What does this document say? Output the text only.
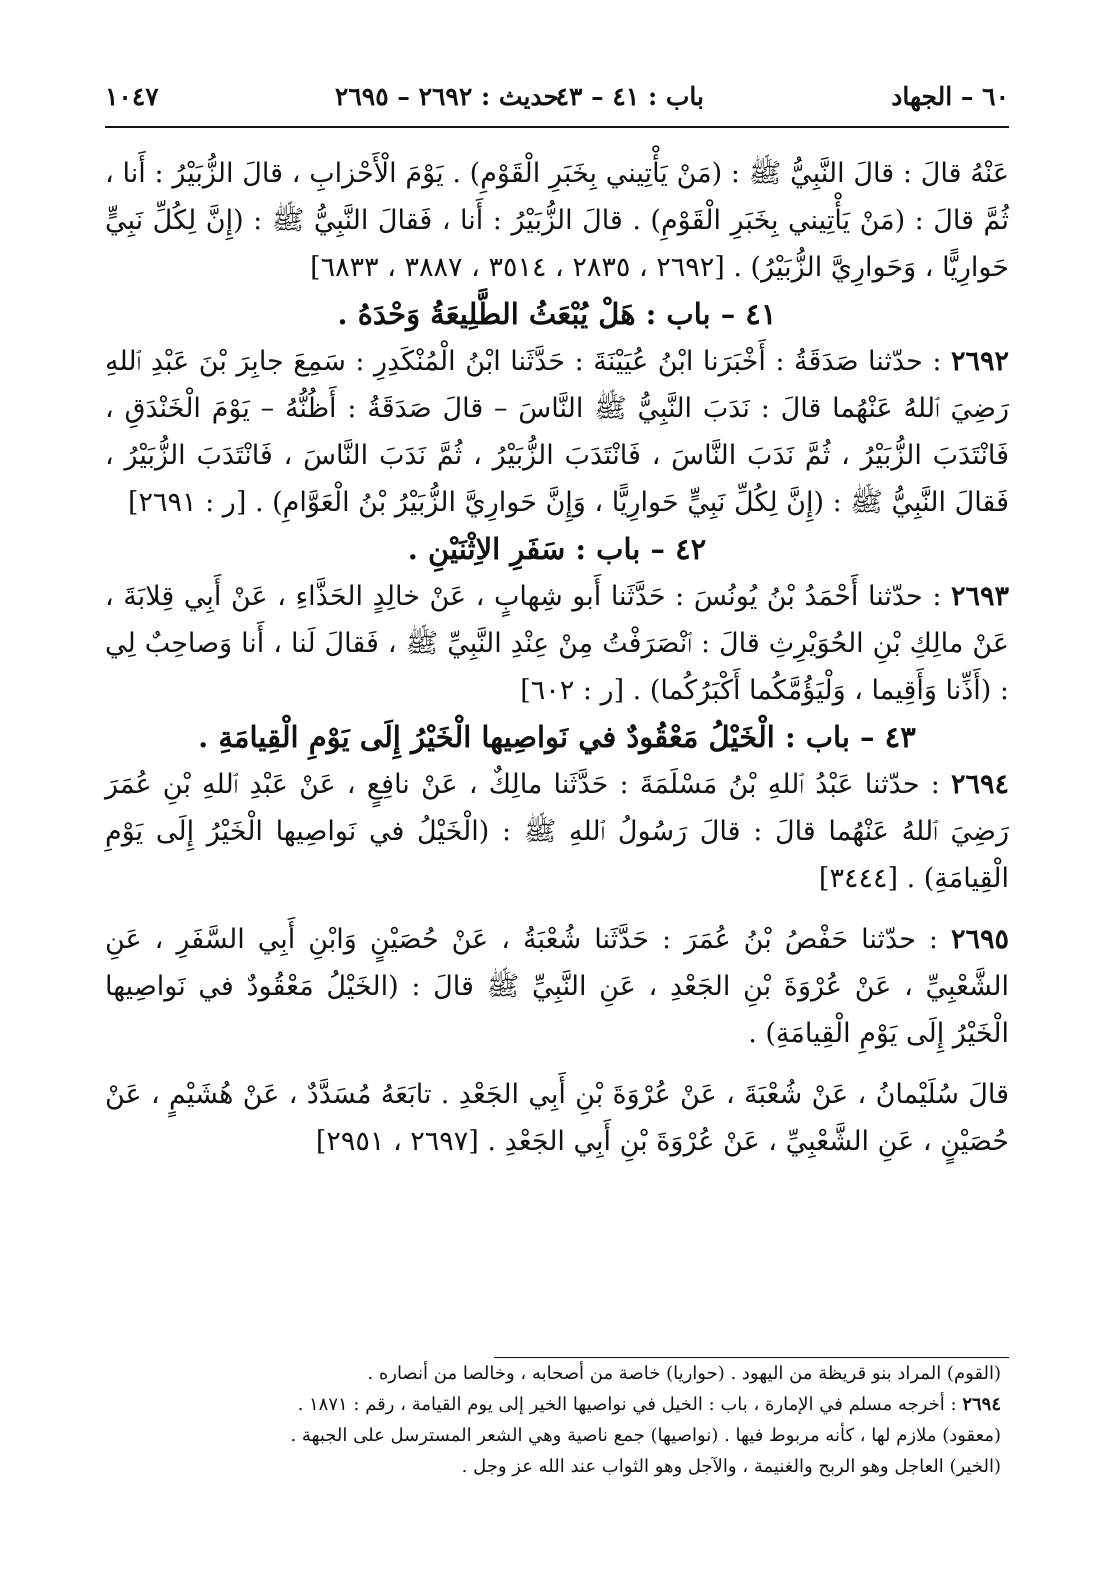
٦٠ – الجهاد
باب : ٤١ – ٤٣
حديث : ٢٦٩٢ – ٢٦٩٥
١٠٤٧

عَنْهُ قالَ : قالَ النَّبِيُّ ﷺ : (مَنْ يَأْتِيني بِخَبَرِ الْقَوْمِ) . يَوْمَ الْأَحْزابِ ، قالَ الزُّبَيْرُ : أَنا ، ثُمَّ قالَ : (مَنْ يَأْتِيني بِخَبَرِ الْقَوْمِ) . قالَ الزُّبَيْرُ : أَنا ، فَقالَ النَّبِيُّ ﷺ : (إِنَّ لِكُلِّ نَبِيٍّ حَوارِيًّا ، وَحَوارِيَّ الزُّبَيْرُ) . [٢٦٩٢ ، ٢٨٣٥ ، ٣٥١٤ ، ٣٨٨٧ ، ٦٨٣٣]

٤١ – باب : هَلْ يُبْعَثُ الطَّلِيعَةُ وَحْدَهُ .

٢٦٩٢ : حدّثنا صَدَقَةُ : أَخْبَرَنا ابْنُ عُيَيْنَةَ : حَدَّثَنا ابْنُ الْمُنْكَدِرِ : سَمِعَ جابِرَ بْنَ عَبْدِ ٱللهِ رَضِيَ ٱللهُ عَنْهُما قالَ : نَدَبَ النَّبِيُّ ﷺ النَّاسَ – قالَ صَدَقَةُ : أَظُنُّهُ – يَوْمَ الْخَنْدَقِ ، فَانْتَدَبَ الزُّبَيْرُ ، ثُمَّ نَدَبَ النَّاسَ ، فَانْتَدَبَ الزُّبَيْرُ ، ثُمَّ نَدَبَ النَّاسَ ، فَانْتَدَبَ الزُّبَيْرُ ، فَقالَ النَّبِيُّ ﷺ : (إِنَّ لِكُلِّ نَبِيٍّ حَوارِيًّا ، وَإِنَّ حَوارِيَّ الزُّبَيْرُ بْنُ الْعَوَّامِ) . [ر : ٢٦٩١]

٤٢ – باب : سَفَرِ الاِثْنَيْنِ .

٢٦٩٣ : حدّثنا أَحْمَدُ بْنُ يُونُسَ : حَدَّثَنا أَبو شِهابٍ ، عَنْ خالِدٍ الحَذَّاءِ ، عَنْ أَبِي قِلابَةَ ، عَنْ مالِكِ بْنِ الحُوَيْرِثِ قالَ : ٱنْصَرَفْتُ مِنْ عِنْدِ النَّبِيِّ ﷺ ، فَقالَ لَنا ، أَنا وَصاحِبٌ لِي : (أَذِّنا وَأَقِيما ، وَلْيَؤُمَّكُما أَكْبَرُكُما) . [ر : ٦٠٢]

٤٣ – باب : الْخَيْلُ مَعْقُودٌ في نَواصِيها الْخَيْرُ إِلَى يَوْمِ الْقِيامَةِ .

٢٦٩٤ : حدّثنا عَبْدُ ٱللهِ بْنُ مَسْلَمَةَ : حَدَّثَنا مالِكٌ ، عَنْ نافِعٍ ، عَنْ عَبْدِ ٱللهِ بْنِ عُمَرَ رَضِيَ ٱللهُ عَنْهُما قالَ : قالَ رَسُولُ ٱللهِ ﷺ : (الْخَيْلُ في نَواصِيها الْخَيْرُ إِلَى يَوْمِ الْقِيامَةِ) . [٣٤٤٤]

٢٦٩٥ : حدّثنا حَفْصُ بْنُ عُمَرَ : حَدَّثَنا شُعْبَةُ ، عَنْ حُصَيْنٍ وَابْنِ أَبِي السَّفَرِ ، عَنِ الشَّعْبِيِّ ، عَنْ عُرْوَةَ بْنِ الجَعْدِ ، عَنِ النَّبِيِّ ﷺ قالَ : (الخَيْلُ مَعْقُودٌ في نَواصِيها الْخَيْرُ إِلَى يَوْمِ الْقِيامَةِ) .

قالَ سُلَيْمانُ ، عَنْ شُعْبَةَ ، عَنْ عُرْوَةَ بْنِ أَبِي الجَعْدِ . تابَعَهُ مُسَدَّدٌ ، عَنْ هُشَيْمٍ ، عَنْ حُصَيْنٍ ، عَنِ الشَّعْبِيِّ ، عَنْ عُرْوَةَ بْنِ أَبِي الجَعْدِ . [٢٦٩٧ ، ٢٩٥١]

(القوم) المراد بنو قريظة من اليهود . (حواريا) خاصة من أصحابه ، وخالصا من أنصاره .

٢٦٩٤ : أخرجه مسلم في الإمارة ، باب : الخيل في نواصيها الخير إلى يوم القيامة ، رقم : ١٨٧١ .

(معقود) ملازم لها ، كأنه مربوط فيها . (نواصيها) جمع ناصية وهي الشعر المسترسل على الجبهة .

(الخير) العاجل وهو الربح والغنيمة ، والآجل وهو الثواب عند الله عز وجل .
